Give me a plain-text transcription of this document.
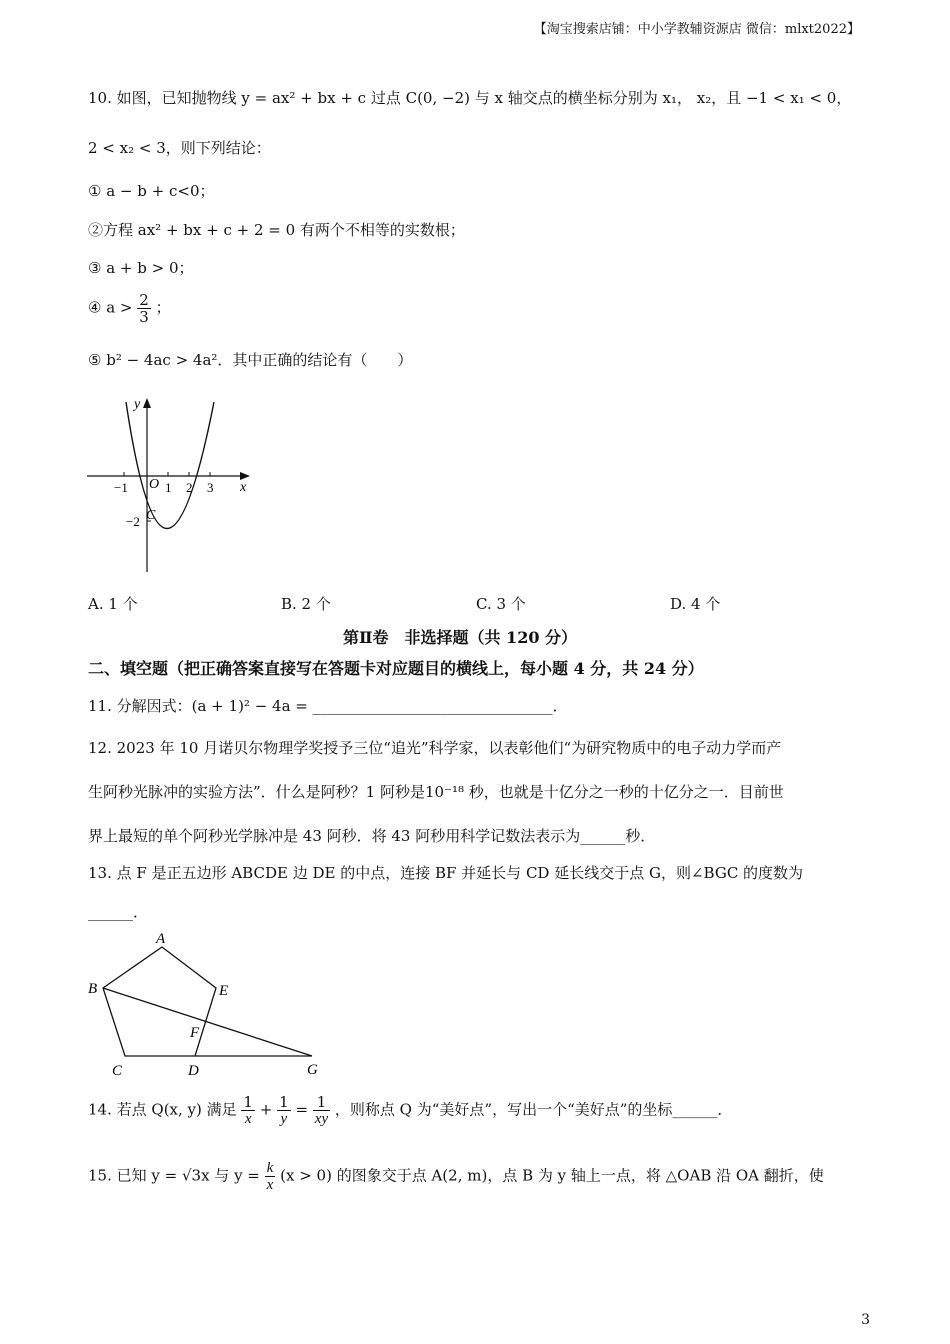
【淘宝搜索店铺：中小学教辅资源店 微信：mlxt2022】
10. 如图，已知抛物线 y = ax² + bx + c 过点 C(0, −2) 与 x 轴交点的横坐标分别为 x₁， x₂，且 −1 < x₁ < 0，
2 < x₂ < 3，则下列结论：
① a − b + c<0；
②方程 ax² + bx + c + 2 = 0 有两个不相等的实数根；
③ a + b > 0；
④ $a > \frac{2}{3}$ ；
⑤ b² − 4ac > 4a²．其中正确的结论有（　　）
y
x
O
C
−1	1 2 3
−2
A. 1 个	B. 2 个	C. 3 个	D. 4 个
第Ⅱ卷　非选择题（共 120 分）
二、填空题（把正确答案直接写在答题卡对应题目的横线上，每小题 4 分，共 24 分）
11. 分解因式：(a + 1)² − 4a = ________________________________．
12. 2023 年 10 月诺贝尔物理学奖授予三位“追光”科学家，以表彰他们“为研究物质中的电子动力学而产
生阿秒光脉冲的实验方法”．什么是阿秒？1 阿秒是10⁻¹⁸ 秒，也就是十亿分之一秒的十亿分之一．目前世
界上最短的单个阿秒光学脉冲是 43 阿秒．将 43 阿秒用科学记数法表示为______秒．
13. 点 F 是正五边形 ABCDE 边 DE 的中点，连接 BF 并延长与 CD 延长线交于点 G，则∠BGC 的度数为
______．
A
B
C	D
E
F
G
14. 若点 Q(x, y) 满足 $\frac{1}{x} + \frac{1}{y} = \frac{1}{xy}$ ，则称点 Q 为“美好点”，写出一个“美好点”的坐标______．
15. 已知 y = √3x 与 $y = \frac{k}{x} (x > 0)$ 的图象交于点 A(2, m)，点 B 为 y 轴上一点，将 △OAB 沿 OA 翻折，使
3
